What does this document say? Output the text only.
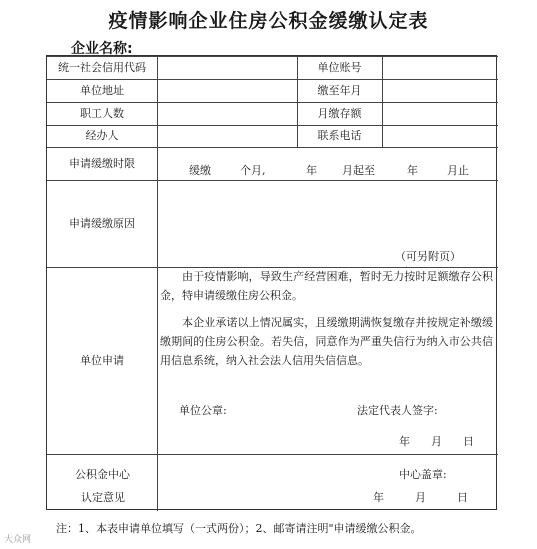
疫情影响企业住房公积金缓缴认定表
企业名称:
统一社会信用代码	单位账号
单位地址	缴至年月
职工人数	月缴存额
经办人	联系电话
申请缓缴时限
缓缴	个月,	年 月起至	年	月止
申请缓缴原因
（可另附页）
单位申请
由于疫情影响，导致生产经营困难，暂时无力按时足额缴存公积金，特申请缓缴住房公积金。
本企业承诺以上情况属实，且缓缴期满恢复缴存并按规定补缴缓缴期间的住房公积金。若失信，同意作为严重失信行为纳入市公共信用信息系统，纳入社会法人信用失信信息。
单位公章:	法定代表人签字:
年 月 日
公积金中心
认定意见
中心盖章:
年	月	日
注：1、本表申请单位填写（一式两份）；2、邮寄请注明"申请缓缴公积金。
大众网
